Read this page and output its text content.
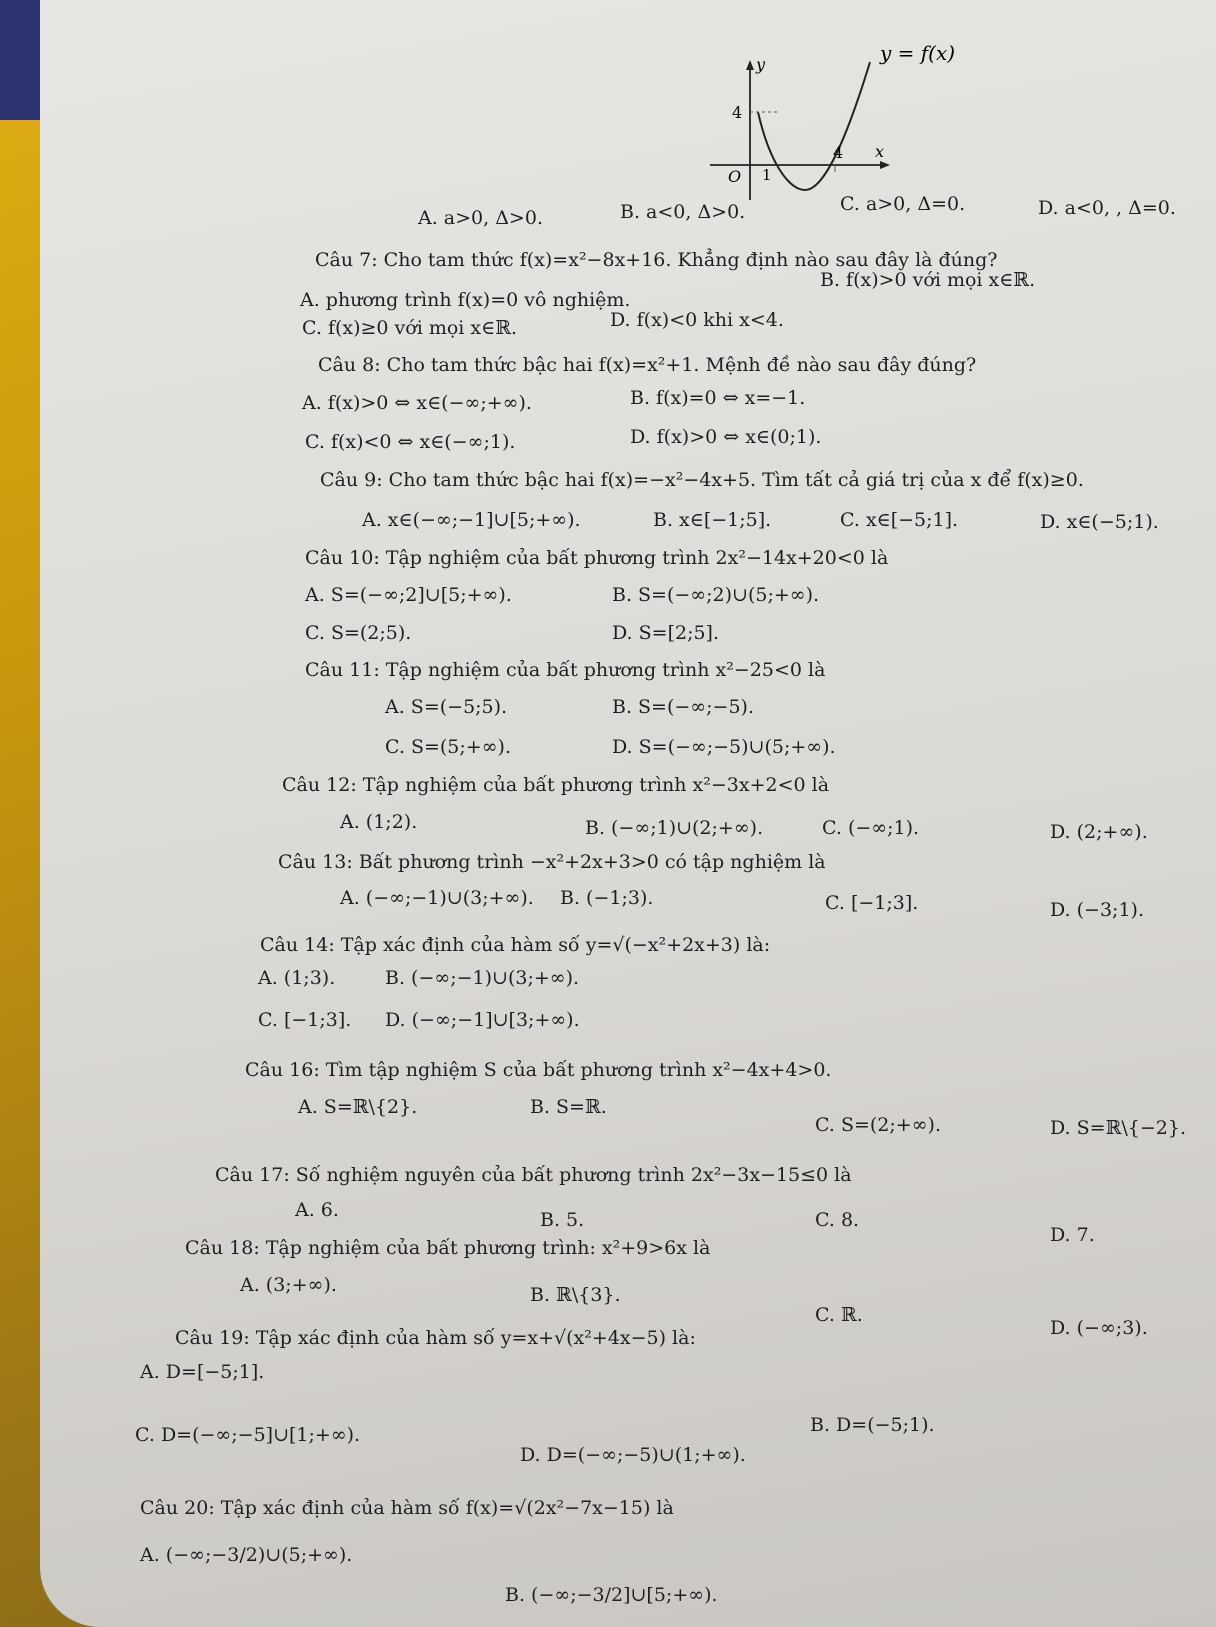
y = f(x)
y
x
O
4
1
4
A. a>0, Δ>0.	B. a<0, Δ>0.	C. a>0, Δ=0.	D. a<0, , Δ=0.
Câu 7: Cho tam thức f(x)=x²−8x+16. Khẳng định nào sau đây là đúng?
A. phương trình f(x)=0 vô nghiệm.
B. f(x)>0 với mọi x∈ℝ.
C. f(x)≥0 với mọi x∈ℝ.	D. f(x)<0 khi x<4.
Câu 8: Cho tam thức bậc hai f(x)=x²+1. Mệnh đề nào sau đây đúng?
A. f(x)>0 ⇔ x∈(−∞;+∞).	B. f(x)=0 ⇔ x=−1.
C. f(x)<0 ⇔ x∈(−∞;1).	D. f(x)>0 ⇔ x∈(0;1).
Câu 9: Cho tam thức bậc hai f(x)=−x²−4x+5. Tìm tất cả giá trị của x để f(x)≥0.
A. x∈(−∞;−1]∪[5;+∞).	B. x∈[−1;5].	C. x∈[−5;1].	D. x∈(−5;1).
Câu 10: Tập nghiệm của bất phương trình 2x²−14x+20<0 là
A. S=(−∞;2]∪[5;+∞).	B. S=(−∞;2)∪(5;+∞).
C. S=(2;5).	D. S=[2;5].
Câu 11: Tập nghiệm của bất phương trình x²−25<0 là
A. S=(−5;5).	B. S=(−∞;−5).
C. S=(5;+∞).	D. S=(−∞;−5)∪(5;+∞).
Câu 12: Tập nghiệm của bất phương trình x²−3x+2<0 là
A. (1;2).	B. (−∞;1)∪(2;+∞).	C. (−∞;1).	D. (2;+∞).
Câu 13: Bất phương trình −x²+2x+3>0 có tập nghiệm là
A. (−∞;−1)∪(3;+∞). B. (−1;3).	C. [−1;3].	D. (−3;1).
Câu 14: Tập xác định của hàm số y=√(−x²+2x+3) là:
A. (1;3).	B. (−∞;−1)∪(3;+∞).
C. [−1;3]. D. (−∞;−1]∪[3;+∞).
Câu 16: Tìm tập nghiệm S của bất phương trình x²−4x+4>0.
A. S=ℝ\{2}.	B. S=ℝ.
C. S=(2;+∞).	D. S=ℝ\{−2}.
Câu 17: Số nghiệm nguyên của bất phương trình 2x²−3x−15≤0 là
A. 6.	B. 5.	C. 8.
D. 7.
Câu 18: Tập nghiệm của bất phương trình: x²+9>6x là
A. (3;+∞).	B. ℝ\{3}.
C. ℝ.
D. (−∞;3).
Câu 19: Tập xác định của hàm số y=x+√(x²+4x−5) là:
A. D=[−5;1].
B. D=(−5;1).
C. D=(−∞;−5]∪[1;+∞).
D. D=(−∞;−5)∪(1;+∞).
Câu 20: Tập xác định của hàm số f(x)=√(2x²−7x−15) là
A. (−∞;−3/2)∪(5;+∞).
B. (−∞;−3/2]∪[5;+∞).
